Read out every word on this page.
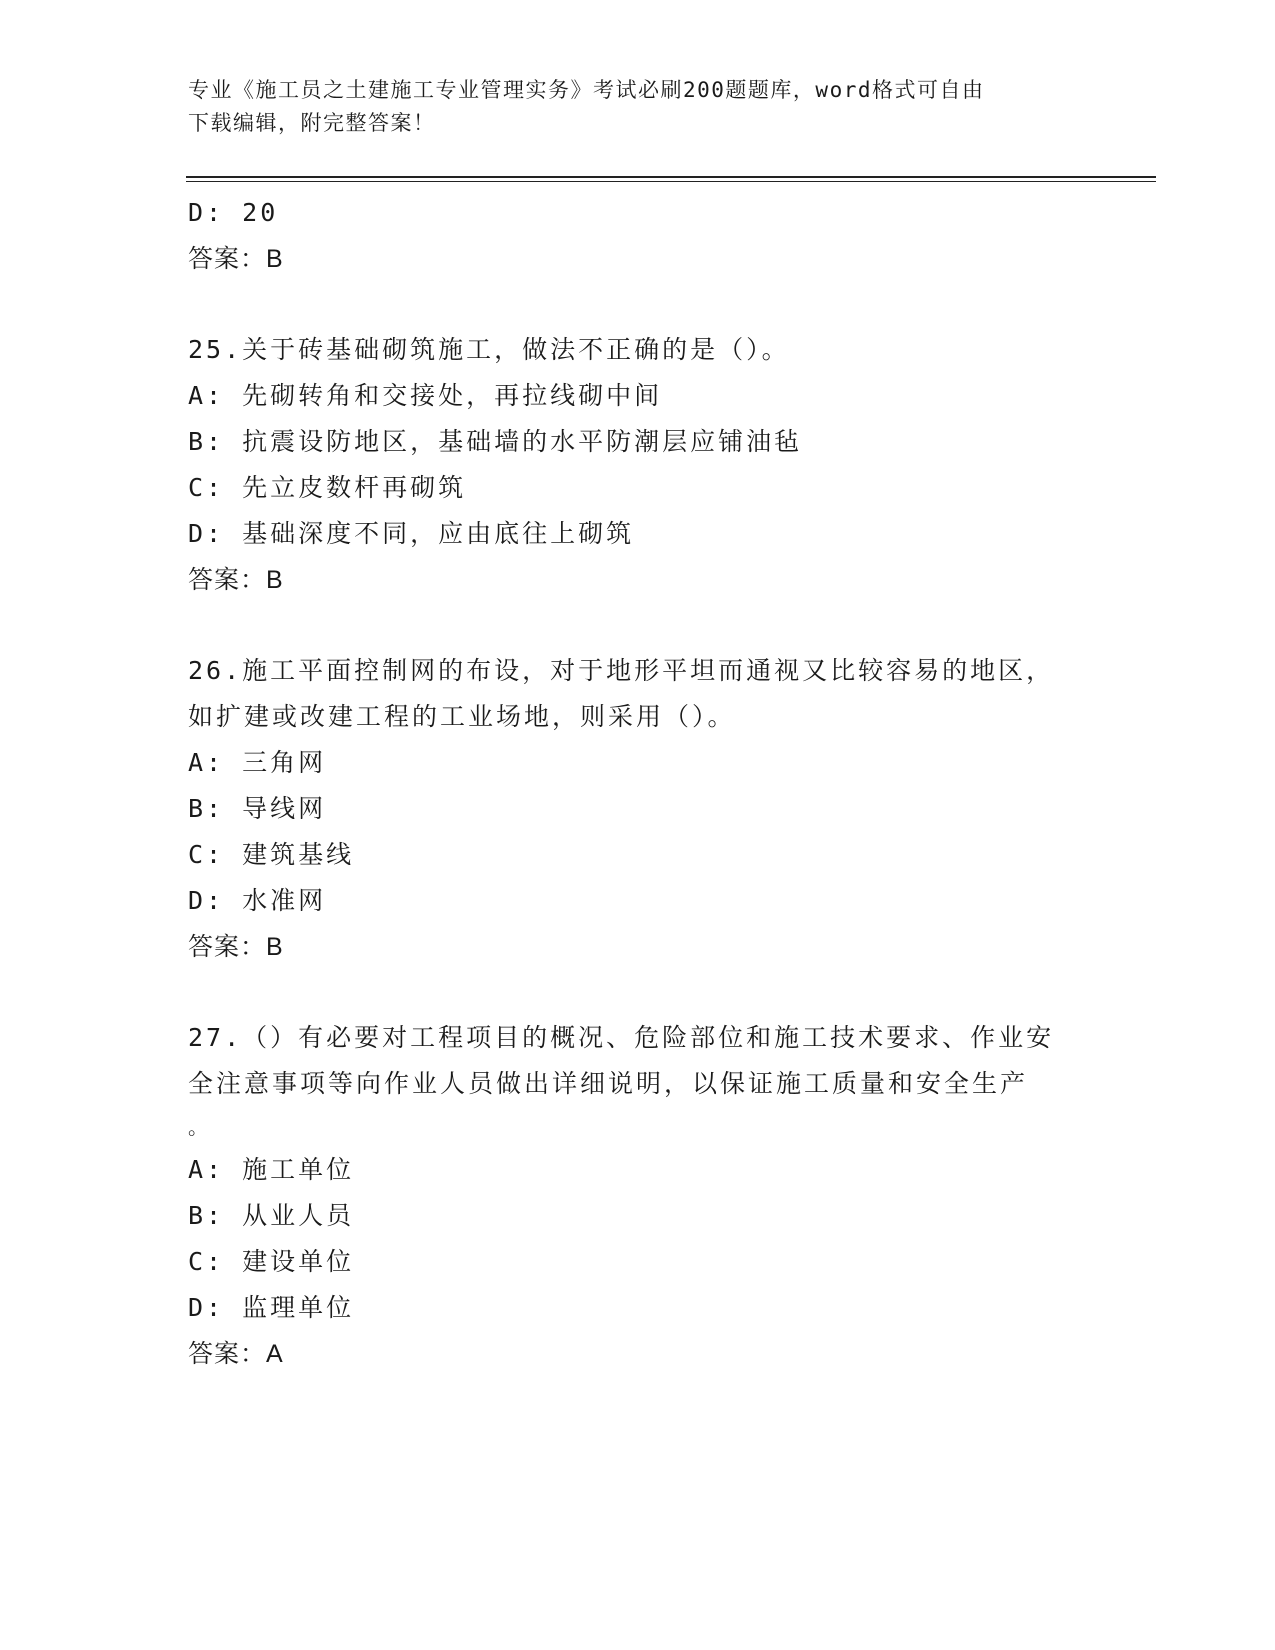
专业《施工员之土建施工专业管理实务》考试必刷200题题库，word格式可自由
下载编辑，附完整答案！
D: 20
答案：B
25.关于砖基础砌筑施工，做法不正确的是（）。
A: 先砌转角和交接处，再拉线砌中间
B: 抗震设防地区，基础墙的水平防潮层应铺油毡
C: 先立皮数杆再砌筑
D: 基础深度不同，应由底往上砌筑
答案：B
26.施工平面控制网的布设，对于地形平坦而通视又比较容易的地区，
如扩建或改建工程的工业场地，则采用（）。
A: 三角网
B: 导线网
C: 建筑基线
D: 水准网
答案：B
27.（）有必要对工程项目的概况、危险部位和施工技术要求、作业安
全注意事项等向作业人员做出详细说明，以保证施工质量和安全生产
。
A: 施工单位
B: 从业人员
C: 建设单位
D: 监理单位
答案：A
